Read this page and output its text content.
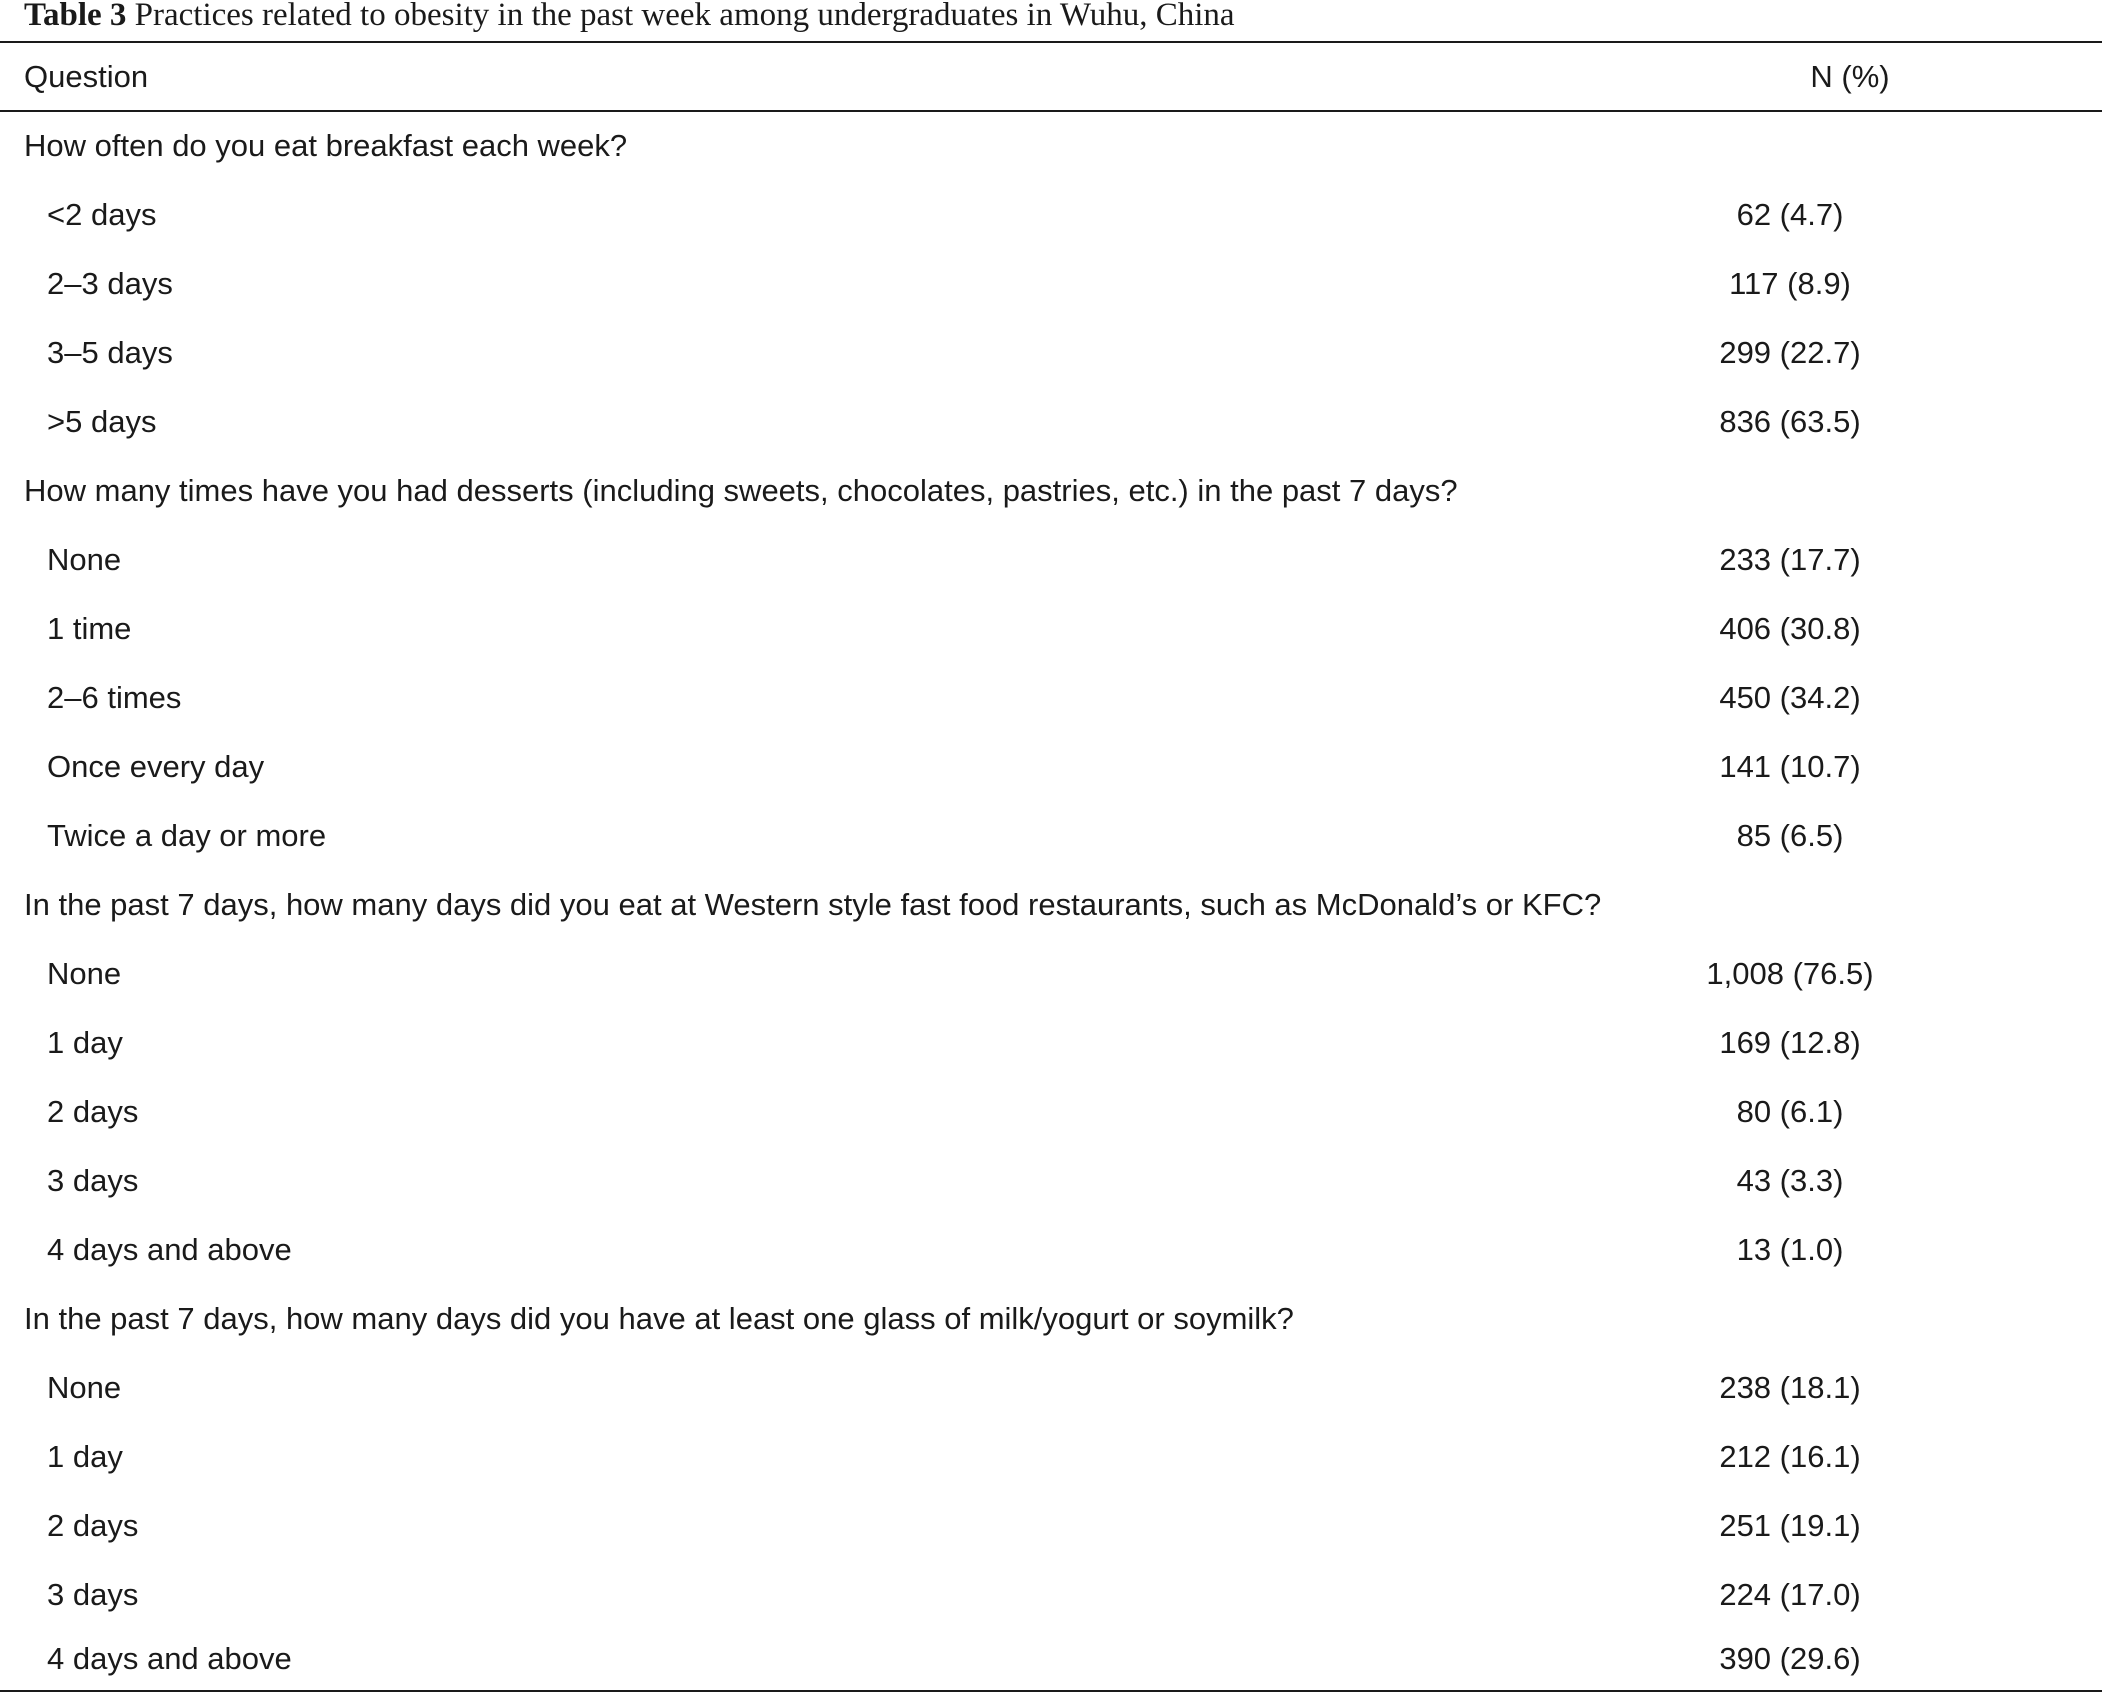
Table 3 Practices related to obesity in the past week among undergraduates in Wuhu, China
Question	N (%)
How often do you eat breakfast each week?
<2 days	62 (4.7)
2–3 days	117 (8.9)
3–5 days	299 (22.7)
>5 days	836 (63.5)
How many times have you had desserts (including sweets, chocolates, pastries, etc.) in the past 7 days?
None	233 (17.7)
1 time	406 (30.8)
2–6 times	450 (34.2)
Once every day	141 (10.7)
Twice a day or more	85 (6.5)
In the past 7 days, how many days did you eat at Western style fast food restaurants, such as McDonald’s or KFC?
None	1,008 (76.5)
1 day	169 (12.8)
2 days	80 (6.1)
3 days	43 (3.3)
4 days and above	13 (1.0)
In the past 7 days, how many days did you have at least one glass of milk/yogurt or soymilk?
None	238 (18.1)
1 day	212 (16.1)
2 days	251 (19.1)
3 days	224 (17.0)
4 days and above	390 (29.6)
